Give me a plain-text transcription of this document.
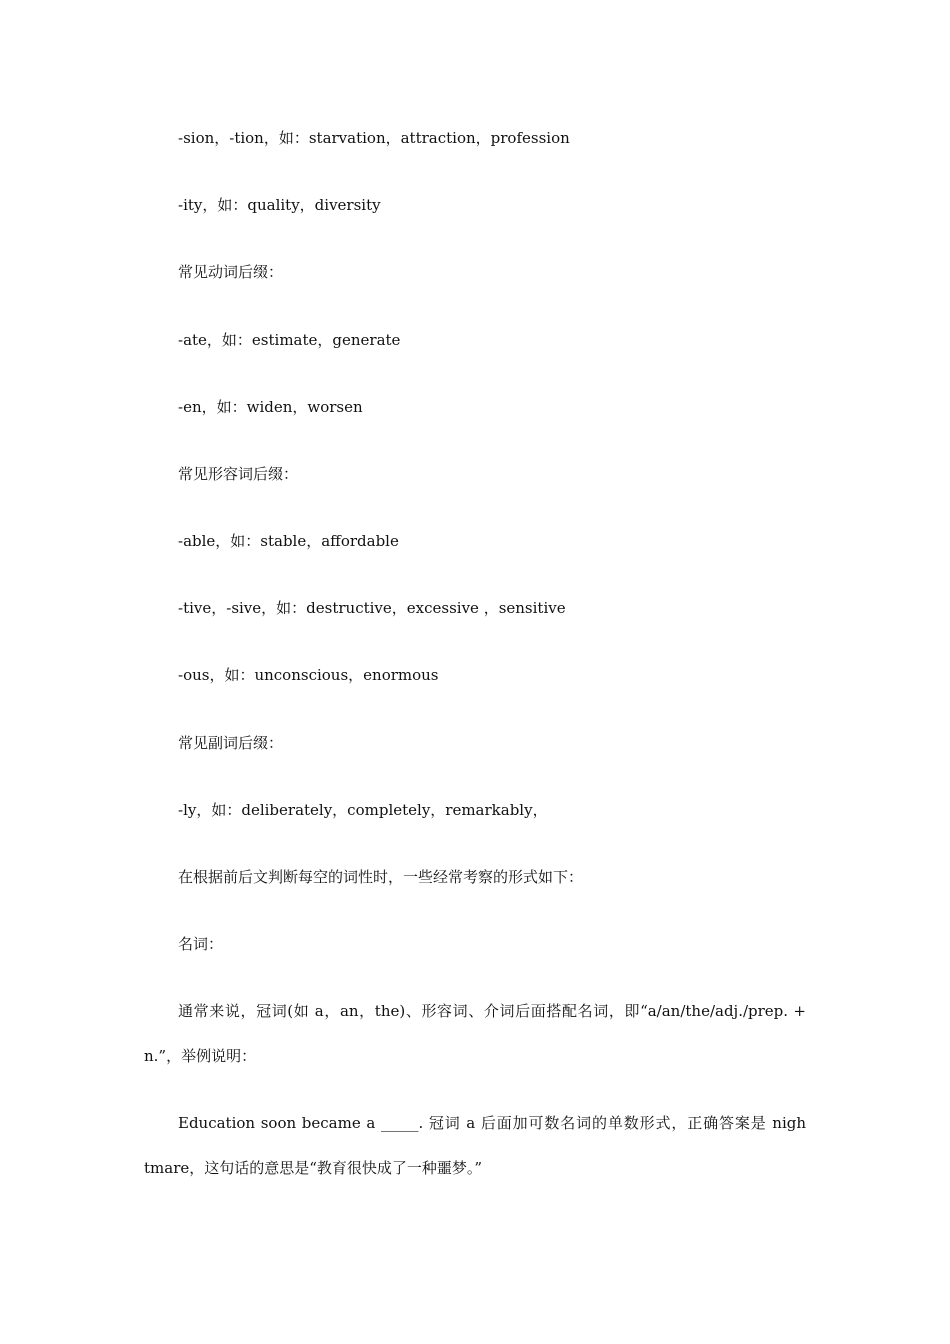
-sion，-tion，如：starvation，attraction，profession

-ity，如：quality，diversity

常见动词后缀：

-ate，如：estimate，generate

-en，如：widen，worsen

常见形容词后缀：

-able，如：stable，affordable

-tive，-sive，如：destructive，excessive ，sensitive

-ous，如：unconscious，enormous

常见副词后缀：

-ly，如：deliberately，completely，remarkably，

在根据前后文判断每空的词性时，一些经常考察的形式如下：

名词：

通常来说，冠词(如 a，an，the)、形容词、介词后面搭配名词，即“a/an/the/adj./prep. +

n.”，举例说明：

Education soon became a _____. 冠词 a 后面加可数名词的单数形式，正确答案是 nigh

tmare，这句话的意思是“教育很快成了一种噩梦。”
